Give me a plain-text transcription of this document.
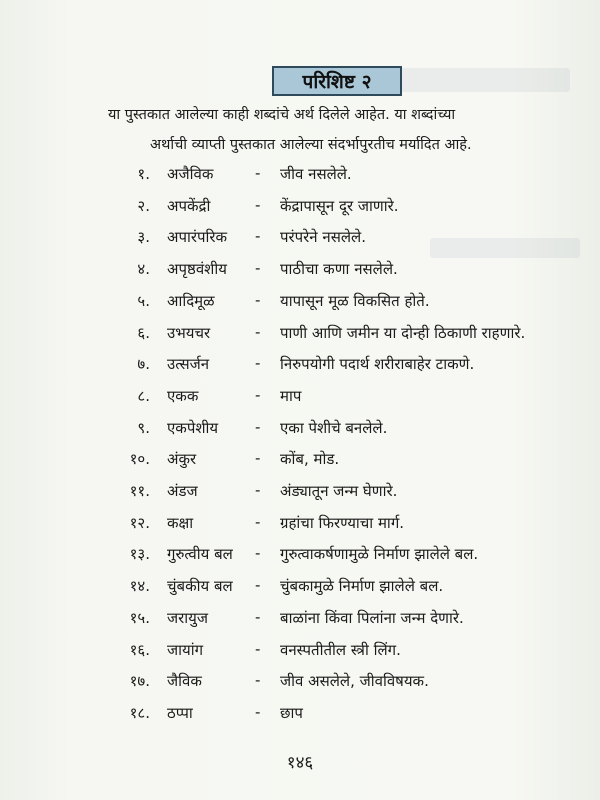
परिशिष्ट २
या पुस्तकात आलेल्या काही शब्दांचे अर्थ दिलेले आहेत. या शब्दांच्या
अर्थाची व्याप्ती पुस्तकात आलेल्या संदर्भापुरतीच मर्यादित आहे.
१. अजैविक	- जीव नसलेले.
२. अपकेंद्री	- केंद्रापासून दूर जाणारे.
३. अपारंपरिक - परंपरेने नसलेले.
४. अपृष्ठवंशीय - पाठीचा कणा नसलेले.
५. आदिमूळ	- यापासून मूळ विकसित होते.
६. उभयचर	- पाणी आणि जमीन या दोन्ही ठिकाणी राहणारे.
७. उत्सर्जन	- निरुपयोगी पदार्थ शरीराबाहेर टाकणे.
८. एकक	- माप
९. एकपेशीय - एका पेशीचे बनलेले.
१०. अंकुर	- कोंब, मोड.
११. अंडज	- अंड्यातून जन्म घेणारे.
१२. कक्षा	- ग्रहांचा फिरण्याचा मार्ग.
१३. गुरुत्वीय बल - गुरुत्वाकर्षणामुळे निर्माण झालेले बल.
१४. चुंबकीय बल - चुंबकामुळे निर्माण झालेले बल.
१५. जरायुज	- बाळांना किंवा पिलांना जन्म देणारे.
१६. जायांग	- वनस्पतीतील स्त्री लिंग.
१७. जैविक	- जीव असलेले, जीवविषयक.
१८. ठप्पा	- छाप
१४६
